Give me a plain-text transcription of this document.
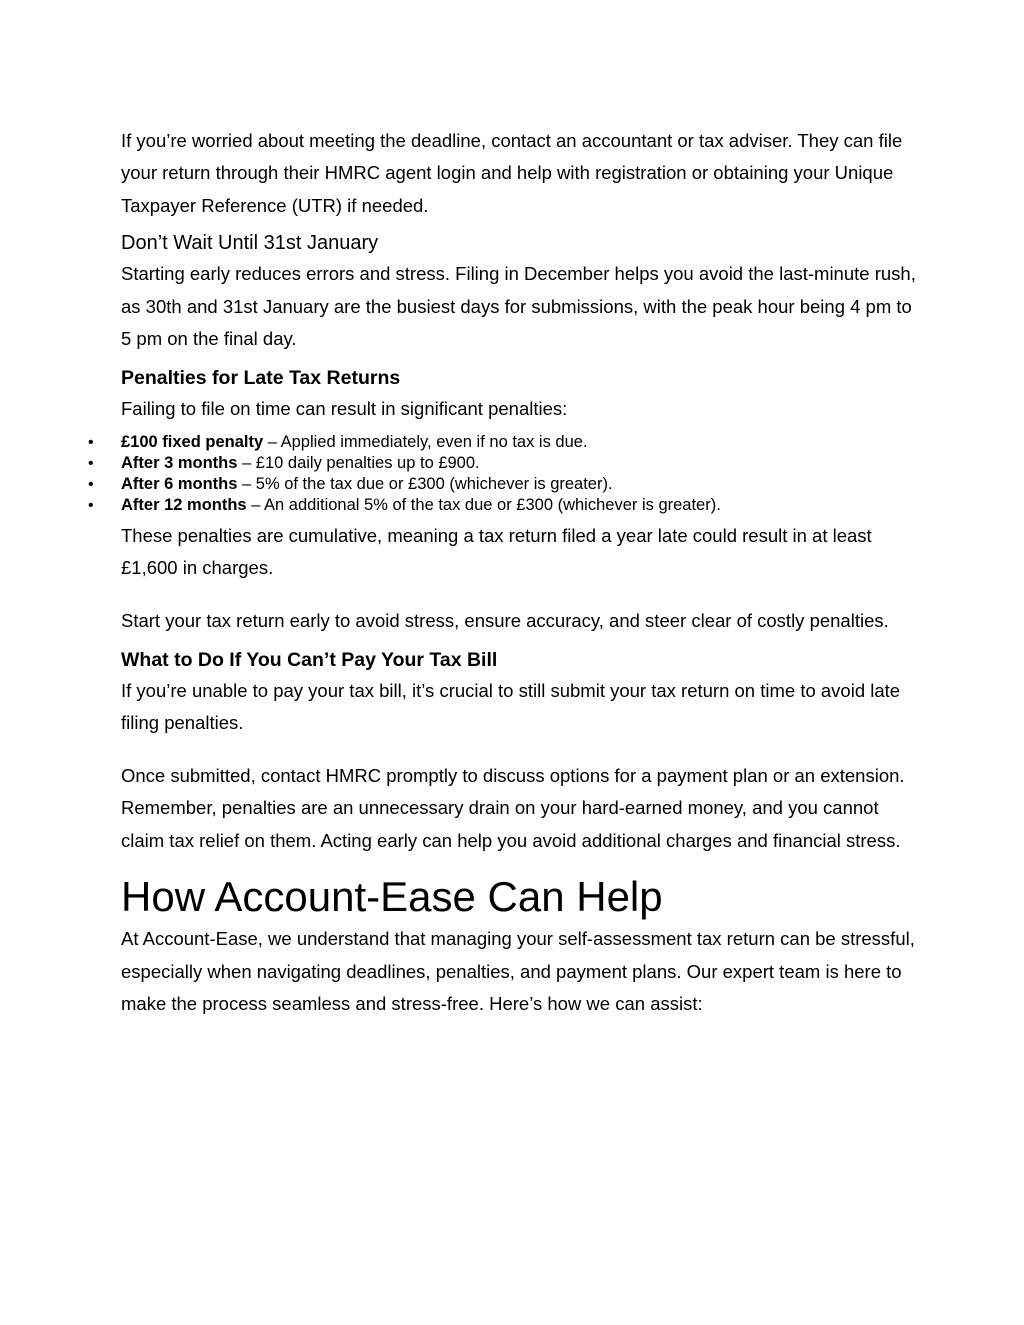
If you’re worried about meeting the deadline, contact an accountant or tax adviser. They can file your return through their HMRC agent login and help with registration or obtaining your Unique Taxpayer Reference (UTR) if needed.

Don’t Wait Until 31st January

Starting early reduces errors and stress. Filing in December helps you avoid the last-minute rush, as 30th and 31st January are the busiest days for submissions, with the peak hour being 4 pm to 5 pm on the final day.

Penalties for Late Tax Returns

Failing to file on time can result in significant penalties:

• £100 fixed penalty – Applied immediately, even if no tax is due.
• After 3 months – £10 daily penalties up to £900.
• After 6 months – 5% of the tax due or £300 (whichever is greater).
• After 12 months – An additional 5% of the tax due or £300 (whichever is greater).

These penalties are cumulative, meaning a tax return filed a year late could result in at least £1,600 in charges.

Start your tax return early to avoid stress, ensure accuracy, and steer clear of costly penalties.

What to Do If You Can’t Pay Your Tax Bill

If you’re unable to pay your tax bill, it’s crucial to still submit your tax return on time to avoid late filing penalties.

Once submitted, contact HMRC promptly to discuss options for a payment plan or an extension. Remember, penalties are an unnecessary drain on your hard-earned money, and you cannot claim tax relief on them. Acting early can help you avoid additional charges and financial stress.

How Account-Ease Can Help

At Account-Ease, we understand that managing your self-assessment tax return can be stressful, especially when navigating deadlines, penalties, and payment plans. Our expert team is here to make the process seamless and stress-free. Here’s how we can assist:
